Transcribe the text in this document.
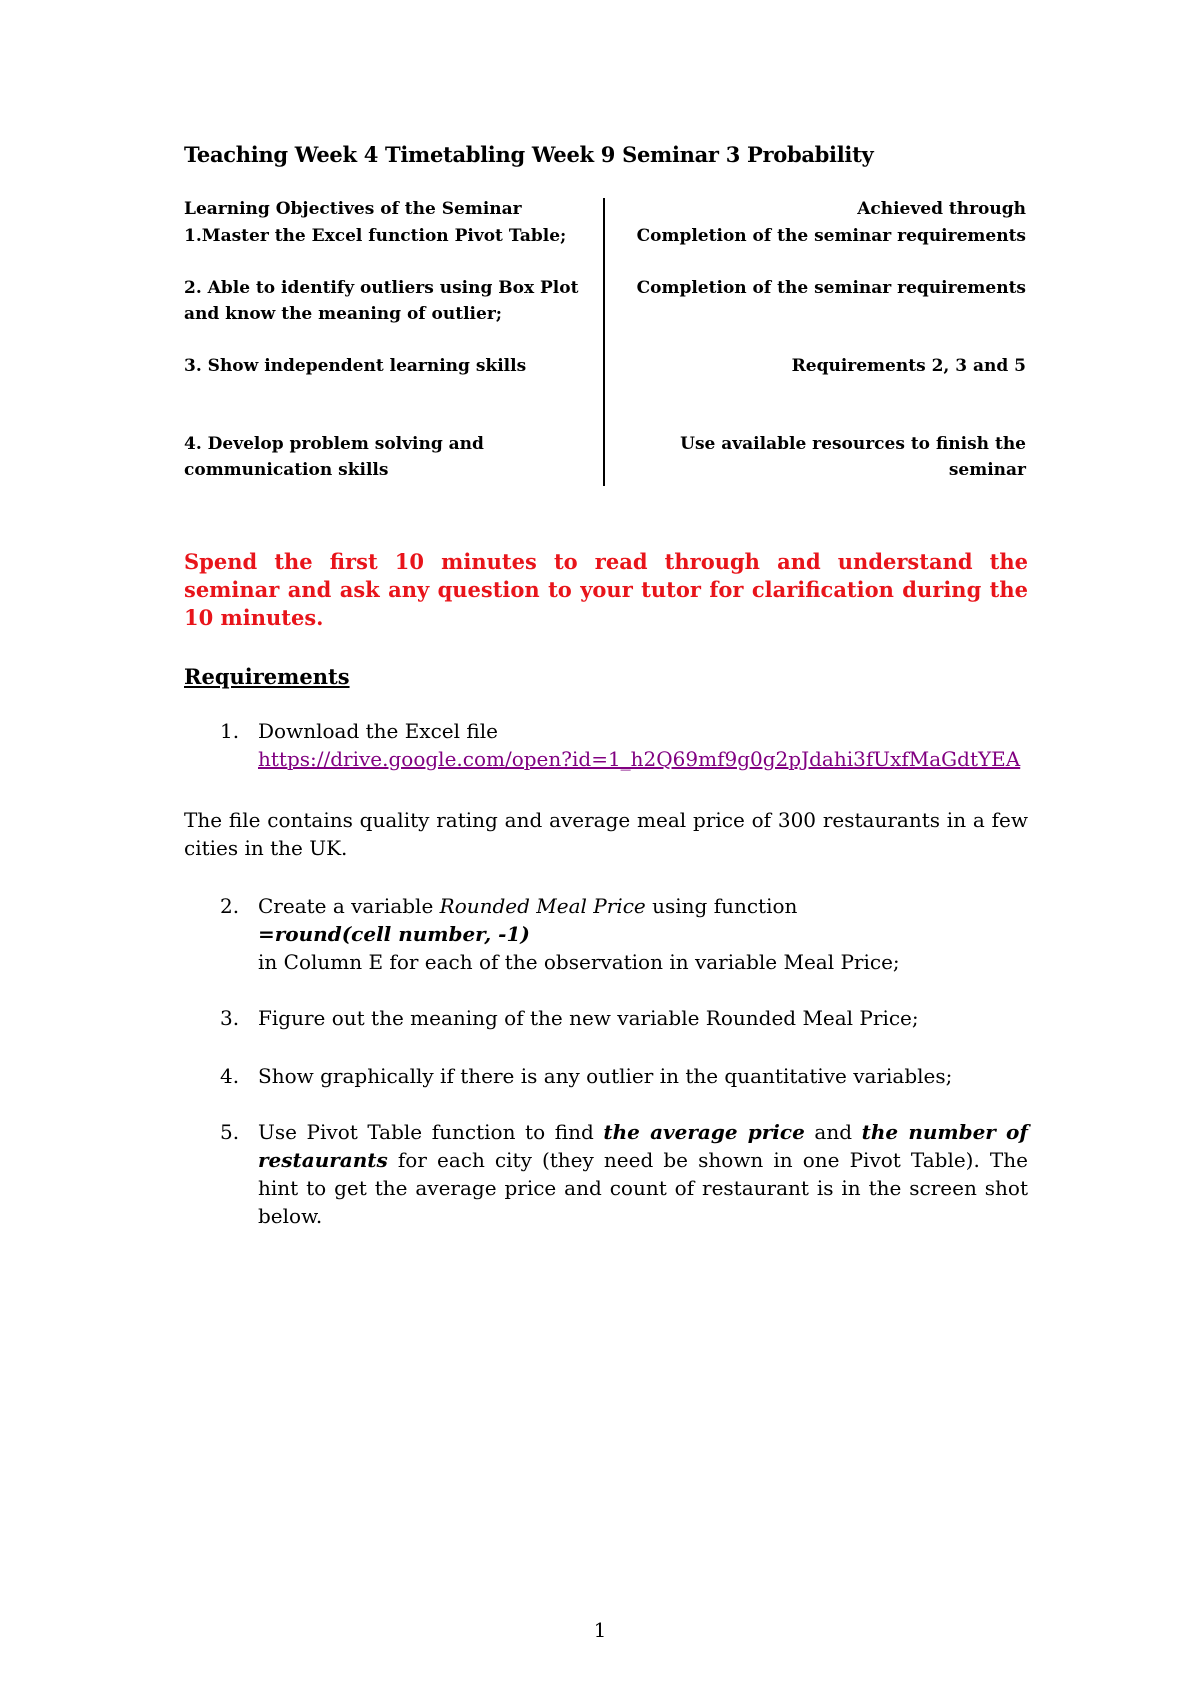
Teaching Week 4 Timetabling Week 9 Seminar 3 Probability
Learning Objectives of the Seminar
1.Master the Excel function Pivot Table;
2. Able to identify outliers using Box Plot and know the meaning of outlier;
3. Show independent learning skills
4. Develop problem solving and communication skills
Achieved through
Completion of the seminar requirements
Completion of the seminar requirements
Requirements 2, 3 and 5
Use available resources to finish the seminar
Spend the first 10 minutes to read through and understand the seminar and ask any question to your tutor for clarification during the 10 minutes.
Requirements
1. Download the Excel file
https://drive.google.com/open?id=1_h2Q69mf9g0g2pJdahi3fUxfMaGdtYEA
The file contains quality rating and average meal price of 300 restaurants in a few cities in the UK.
2. Create a variable Rounded Meal Price using function
=round(cell number, -1)
in Column E for each of the observation in variable Meal Price;
3. Figure out the meaning of the new variable Rounded Meal Price;
4. Show graphically if there is any outlier in the quantitative variables;
5. Use Pivot Table function to find the average price and the number of restaurants for each city (they need be shown in one Pivot Table). The hint to get the average price and count of restaurant is in the screen shot below.
1
